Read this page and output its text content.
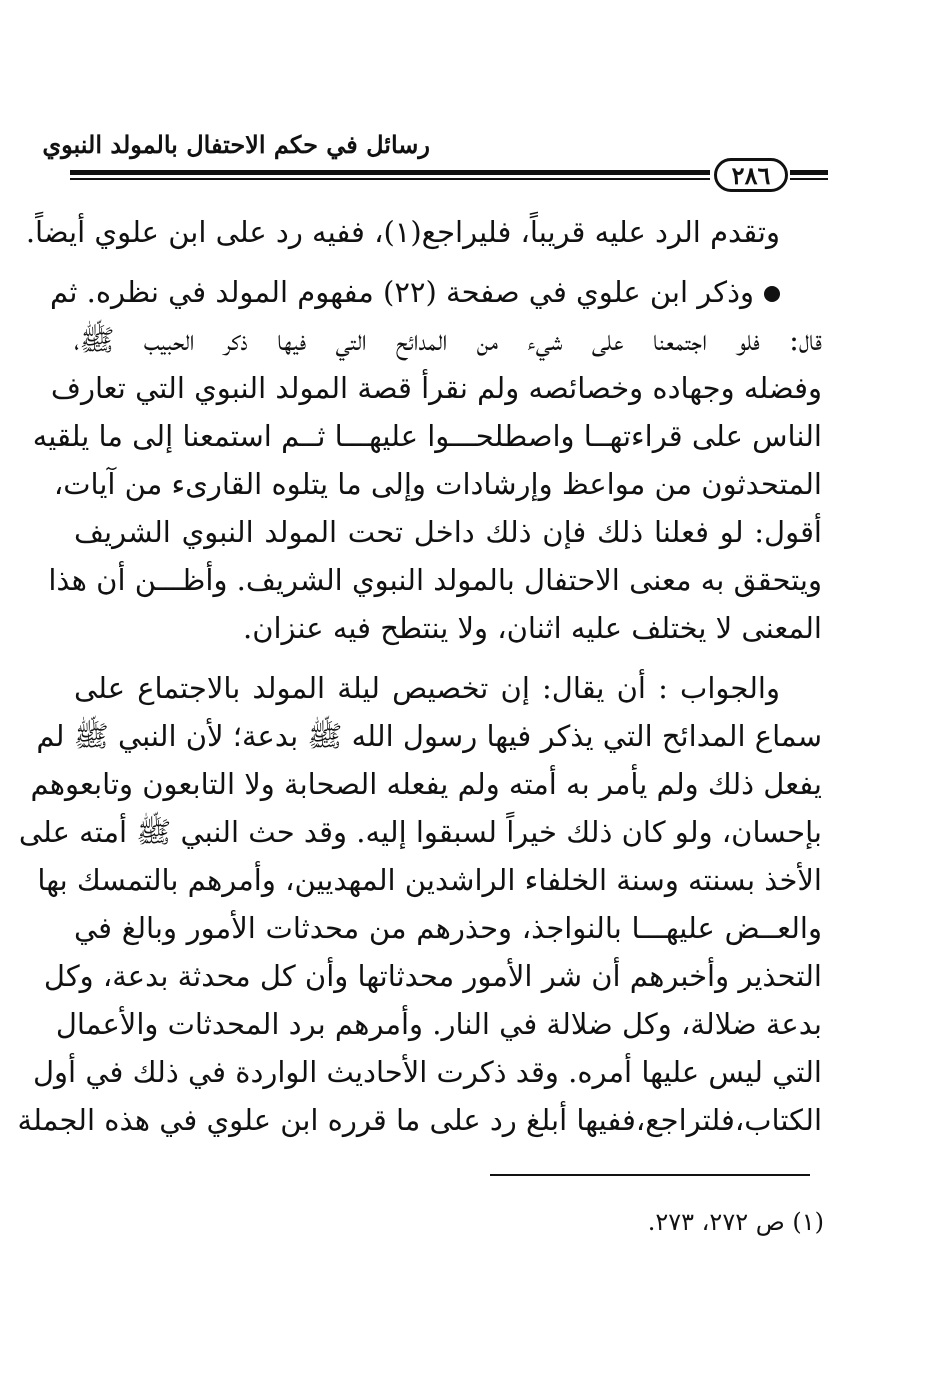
رسائل في حكم الاحتفال بالمولد النبوي
٢٨٦
وتقدم الرد عليه قريباً، فليراجع(١)، ففيه رد على ابن علوي أيضاً.
وذكر ابن علوي في صفحة (٢٢) مفهوم المولد في نظره. ثم
قال: فلو اجتمعنا على شيء من المدائح التي فيها ذكر الحبيب ﷺ،
وفضله وجهاده وخصائصه ولم نقرأ قصة المولد النبوي التي تعارف
الناس على قراءتهــا واصطلحـــوا عليهـــا ثــم استمعنا إلى ما يلقيه
المتحدثون من مواعظ وإرشادات وإلى ما يتلوه القارىء من آيات،
أقول: لو فعلنا ذلك فإن ذلك داخل تحت المولد النبوي الشريف
ويتحقق به معنى الاحتفال بالمولد النبوي الشريف. وأظـــن أن هذا
المعنى لا يختلف عليه اثنان، ولا ينتطح فيه عنزان.
والجواب : أن يقال: إن تخصيص ليلة المولد بالاجتماع على
سماع المدائح التي يذكر فيها رسول الله ﷺ بدعة؛ لأن النبي ﷺ لم
يفعل ذلك ولم يأمر به أمته ولم يفعله الصحابة ولا التابعون وتابعوهم
بإحسان، ولو كان ذلك خيراً لسبقوا إليه. وقد حث النبي ﷺ أمته على
الأخذ بسنته وسنة الخلفاء الراشدين المهديين، وأمرهم بالتمسك بها
والعــض عليهـــا بالنواجذ، وحذرهم من محدثات الأمور وبالغ في
التحذير وأخبرهم أن شر الأمور محدثاتها وأن كل محدثة بدعة، وكل
بدعة ضلالة، وكل ضلالة في النار. وأمرهم برد المحدثات والأعمال
التي ليس عليها أمره. وقد ذكرت الأحاديث الواردة في ذلك في أول
الكتاب،فلتراجع،ففيها أبلغ رد على ما قرره ابن علوي في هذه الجملة
(١) ص ٢٧٢، ٢٧٣.
